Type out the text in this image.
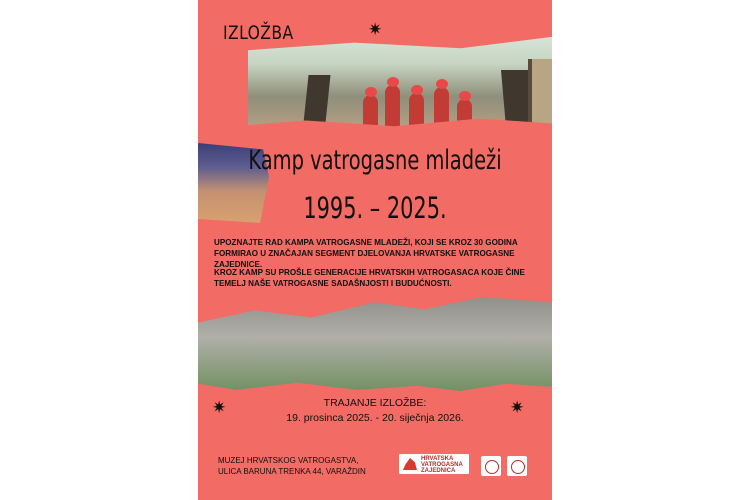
IZLOŽBA	✷
✷	✷
Kamp vatrogasne mladeži
1995. – 2025.
UPOZNAJTE RAD KAMPA VATROGASNE MLADEŽI, KOJI SE KROZ 30 GODINA FORMIRAO U ZNAČAJAN SEGMENT DJELOVANJA HRVATSKE VATROGASNE ZAJEDNICE.
KROZ KAMP SU PROŠLE GENERACIJE HRVATSKIH VATROGASACA KOJE ČINE TEMELJ NAŠE VATROGASNE SADAŠNJOSTI I BUDUĆNOSTI.
TRAJANJE IZLOŽBE:
19. prosinca 2025. - 20. siječnja 2026.
MUZEJ HRVATSKOG VATROGASTVA,
ULICA BARUNA TRENKA 44, VARAŽDIN
HRVATSKA
VATROGASNA
ZAJEDNICA
